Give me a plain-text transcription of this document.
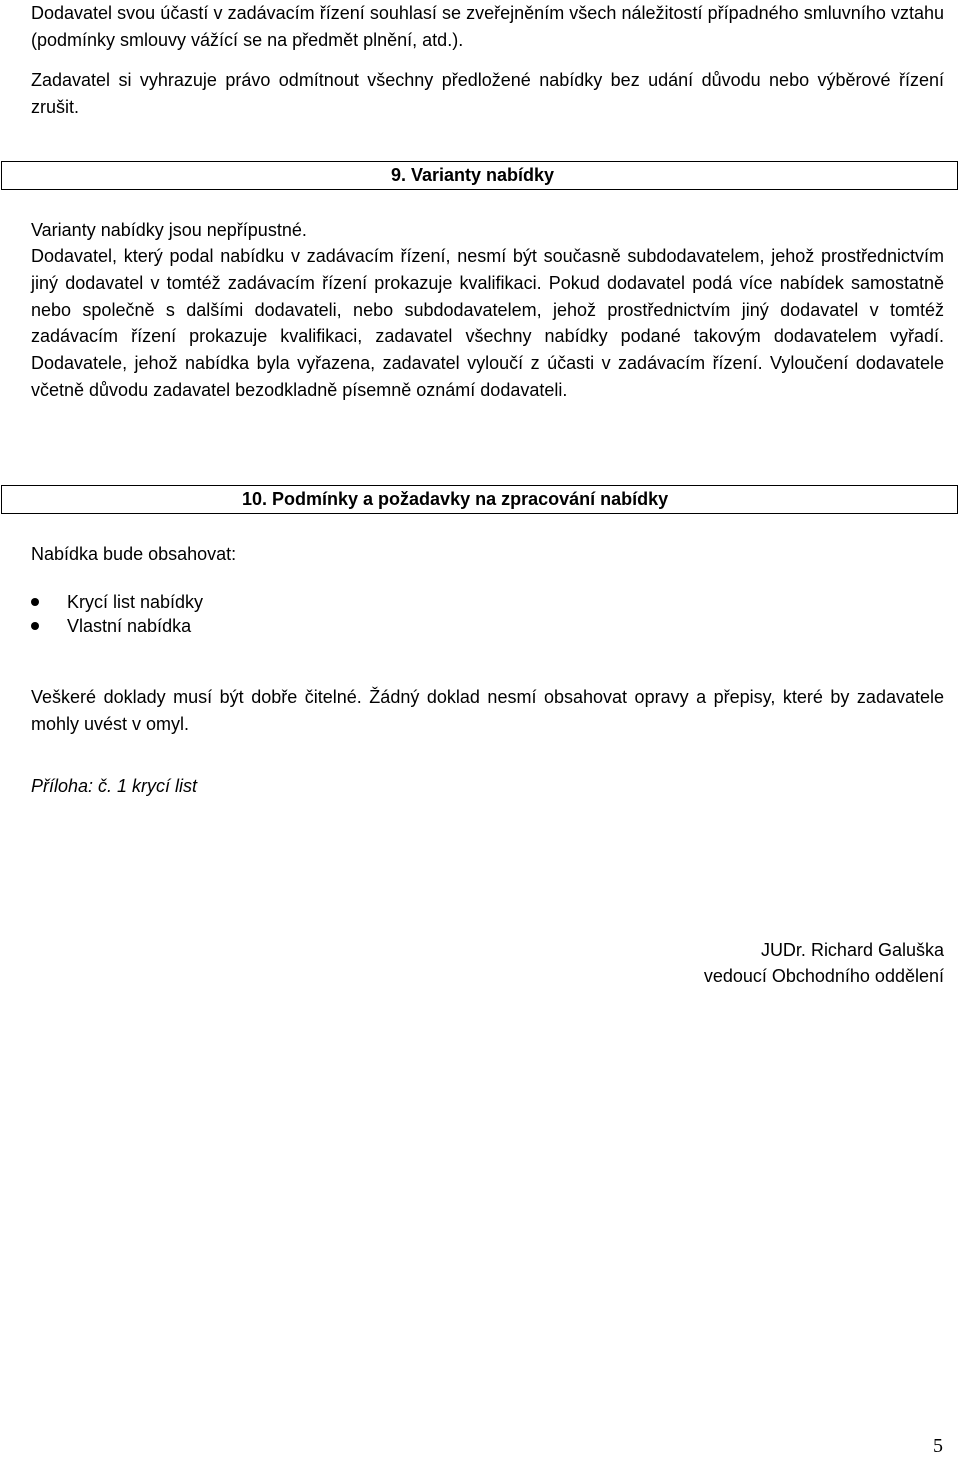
Dodavatel svou účastí v zadávacím řízení souhlasí se zveřejněním všech náležitostí případného smluvního vztahu (podmínky smlouvy vážící se na předmět plnění, atd.).

Zadavatel si vyhrazuje právo odmítnout všechny předložené nabídky bez udání důvodu nebo výběrové řízení zrušit.

9. Varianty nabídky

Varianty nabídky jsou nepřípustné.

Dodavatel, který podal nabídku v zadávacím řízení, nesmí být současně subdodavatelem, jehož prostřednictvím jiný dodavatel v tomtéž zadávacím řízení prokazuje kvalifikaci. Pokud dodavatel podá více nabídek samostatně nebo společně s dalšími dodavateli, nebo subdodavatelem, jehož prostřednictvím jiný dodavatel v tomtéž zadávacím řízení prokazuje kvalifikaci, zadavatel všechny nabídky podané takovým dodavatelem vyřadí. Dodavatele, jehož nabídka byla vyřazena, zadavatel vyloučí z účasti v zadávacím řízení. Vyloučení dodavatele včetně důvodu zadavatel bezodkladně písemně oznámí dodavateli.

10. Podmínky a požadavky na zpracování nabídky

Nabídka bude obsahovat:

Krycí list nabídky
Vlastní nabídka

Veškeré doklady musí být dobře čitelné. Žádný doklad nesmí obsahovat opravy a přepisy, které by zadavatele mohly uvést v omyl.

Příloha: č. 1 krycí list
JUDr. Richard Galuška
vedoucí Obchodního oddělení
5
